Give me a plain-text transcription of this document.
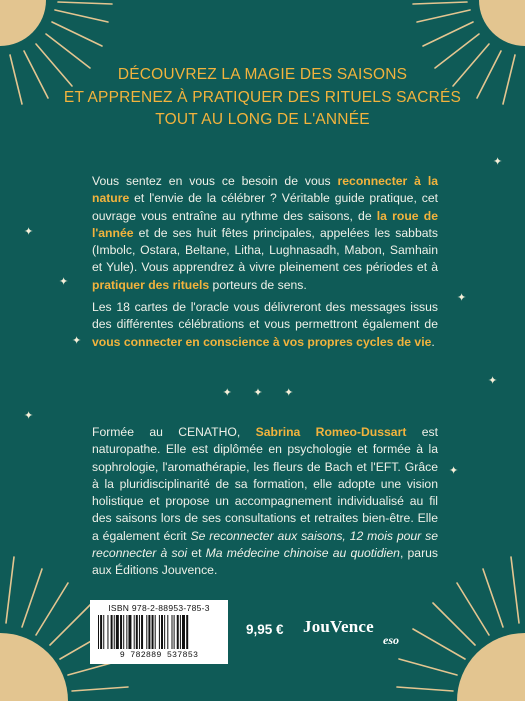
✦
✦
✦
✦
✦
✦
✦
✦
DÉCOUVREZ LA MAGIE DES SAISONS
ET APPRENEZ À PRATIQUER DES RITUELS SACRÉS
TOUT AU LONG DE L'ANNÉE
Vous sentez en vous ce besoin de vous reconnecter à la nature et l'envie de la célébrer ? Véritable guide pratique, cet ouvrage vous entraîne au rythme des saisons, de la roue de l'année et de ses huit fêtes principales, appelées les sabbats (Imbolc, Ostara, Beltane, Litha, Lughnasadh, Mabon, Samhain et Yule). Vous apprendrez à vivre pleinement ces périodes et à pratiquer des rituels porteurs de sens.
Les 18 cartes de l'oracle vous délivreront des messages issus des différentes célébrations et vous permettront également de vous connecter en conscience à vos propres cycles de vie.
✦ ✦ ✦
Formée au CENATHO, Sabrina Romeo-Dussart est naturopathe. Elle est diplômée en psychologie et formée à la sophrologie, l'aromathérapie, les fleurs de Bach et l'EFT. Grâce à la pluridisciplinarité de sa formation, elle adopte une vision holistique et propose un accompagnement individualisé au fil des saisons lors de ses consultations et retraites bien-être. Elle a également écrit Se reconnecter aux saisons, 12 mois pour se reconnecter à soi et Ma médecine chinoise au quotidien, parus aux Éditions Jouvence.
ISBN 978-2-88953-785-3
9 782889 537853
9,95 € JouVence
eso
